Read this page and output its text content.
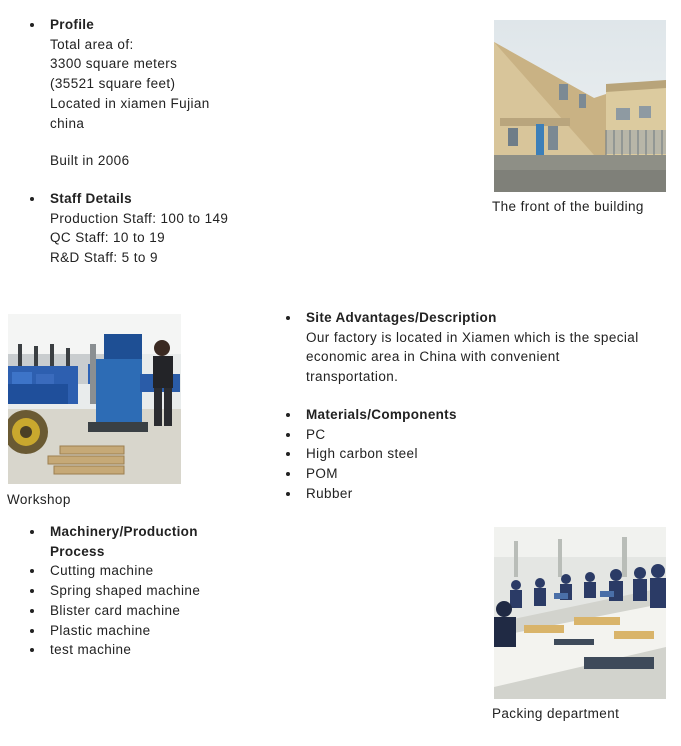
Profile
Total area of:
3300 square meters
(35521 square feet)
Located in xiamen Fujian
china
Built in 2006
Staff Details
Production Staff: 100 to 149
QC Staff: 10 to 19
R&D Staff: 5 to 9
The front of the building
Workshop
Site Advantages/Description
Our factory is located in Xiamen which is the special
economic area in China with convenient
transportation.
Materials/Components
PC
High carbon steel
POM
Rubber
Machinery/Production
Process
Cutting machine
Spring shaped machine
Blister card machine
Plastic machine
test machine
Packing department
